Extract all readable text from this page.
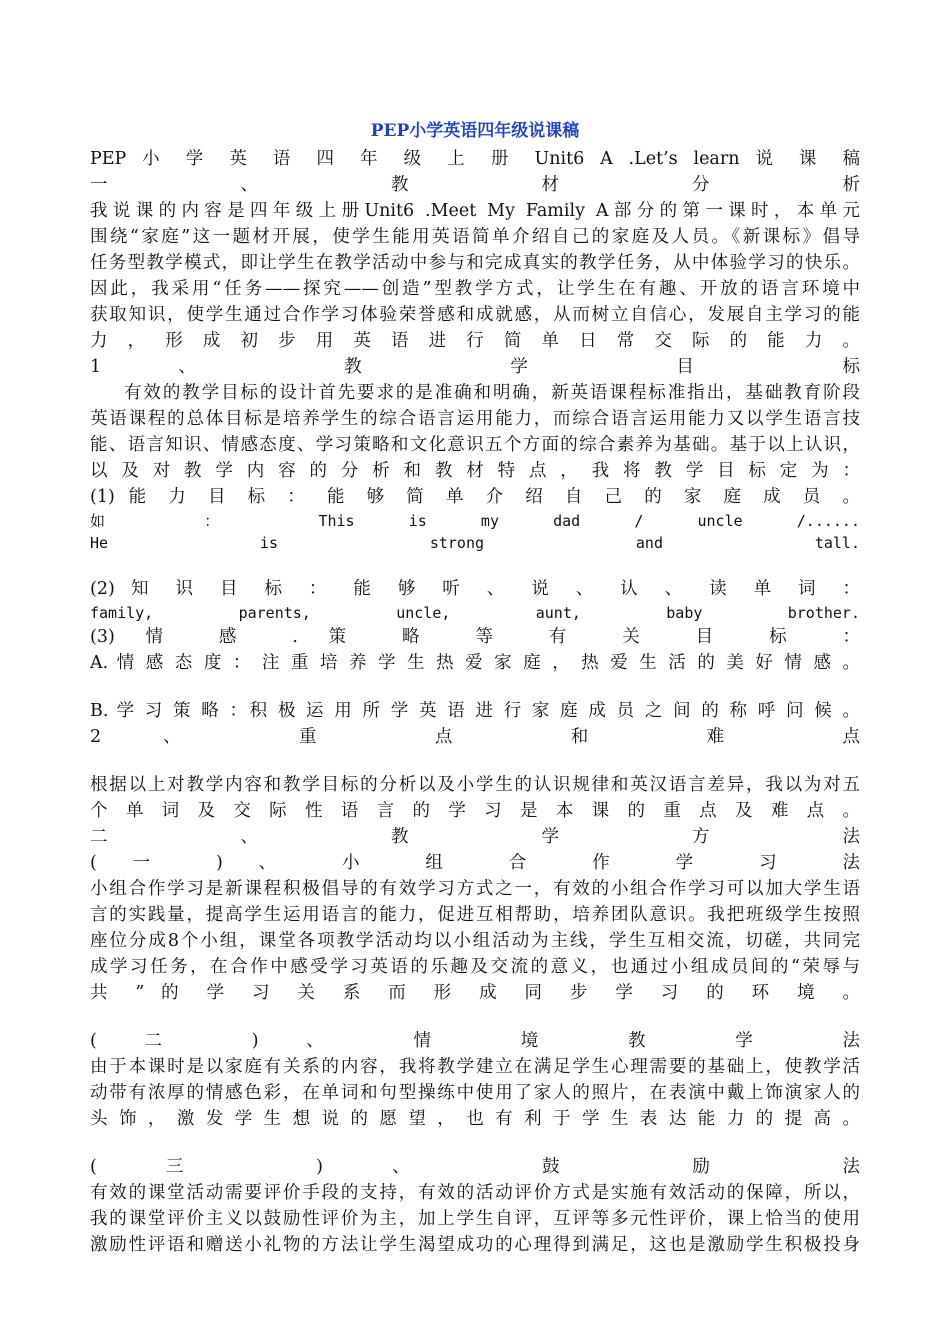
PEP小学英语四年级说课稿
PEP 小 学 英 语 四 年 级 上 册 Unit6 A .Let’s learn 说 课 稿
一 、 教 材 分 析
我说课的内容是四年级上册Unit6 .Meet My Family A部分的第一课时，本单元
围绕“家庭”这一题材开展，使学生能用英语简单介绍自己的家庭及人员。《新课标》倡导
任务型教学模式，即让学生在教学活动中参与和完成真实的教学任务，从中体验学习的快乐。
因此，我采用“任务——探究——创造”型教学方式，让学生在有趣、开放的语言环境中
获取知识，使学生通过合作学习体验荣誉感和成就感，从而树立自信心，发展自主学习的能
力 ， 形 成 初 步 用 英 语 进 行 简 单 日 常 交 际 的 能 力 。
1 、 教 学 目 标
有效的教学目标的设计首先要求的是准确和明确，新英语课程标准指出，基础教育阶段
英语课程的总体目标是培养学生的综合语言运用能力，而综合语言运用能力又以学生语言技
能、语言知识、情感态度、学习策略和文化意识五个方面的综合素养为基础。基于以上认识，
以 及 对 教 学 内 容 的 分 析 和 教 材 特 点 ， 我 将 教 学 目 标 定 为 ：
(1) 能 力 目 标 ： 能 够 简 单 介 绍 自 己 的 家 庭 成 员 。
如 ： This is my dad / uncle /......
He is strong and tall.
(2) 知 识 目 标 ： 能 够 听 、 说 、 认 、 读 单 词 ：
family, parents, uncle, aunt, baby brother.
(3) 情 感 . 策 略 等 有 关 目 标 ：
A. 情 感 态 度 ： 注 重 培 养 学 生 热 爱 家 庭 ， 热 爱 生 活 的 美 好 情 感 。
B. 学 习 策 略 ：积 极 运 用 所 学 英 语 进 行 家 庭 成 员 之 间 的 称 呼 问 候 。
2 、 重 点 和 难 点
根据以上对教学内容和教学目标的分析以及小学生的认识规律和英汉语言差异，我以为对五
个 单 词 及 交 际 性 语 言 的 学 习 是 本 课 的 重 点 及 难 点 。
二 、 教 学 方 法
( 一 ) 、 小 组 合 作 学 习 法
小组合作学习是新课程积极倡导的有效学习方式之一，有效的小组合作学习可以加大学生语
言的实践量，提高学生运用语言的能力，促进互相帮助，培养团队意识。我把班级学生按照
座位分成8个小组，课堂各项教学活动均以小组活动为主线，学生互相交流，切磋，共同完
成学习任务，在合作中感受学习英语的乐趣及交流的意义，也通过小组成员间的“荣辱与
共 ” 的 学 习 关 系 而 形 成 同 步 学 习 的 环 境 。
( 二 ) 、 情 境 教 学 法
由于本课时是以家庭有关系的内容，我将教学建立在满足学生心理需要的基础上，使教学活
动带有浓厚的情感色彩，在单词和句型操练中使用了家人的照片，在表演中戴上饰演家人的
头 饰 ， 激 发 学 生 想 说 的 愿 望 ， 也 有 利 于 学 生 表 达 能 力 的 提 高 。
( 三 ) 、 鼓 励 法
有效的课堂活动需要评价手段的支持，有效的活动评价方式是实施有效活动的保障，所以，
我的课堂评价主义以鼓励性评价为主，加上学生自评，互评等多元性评价，课上恰当的使用
激励性评语和赠送小礼物的方法让学生渴望成功的心理得到满足，这也是激励学生积极投身
